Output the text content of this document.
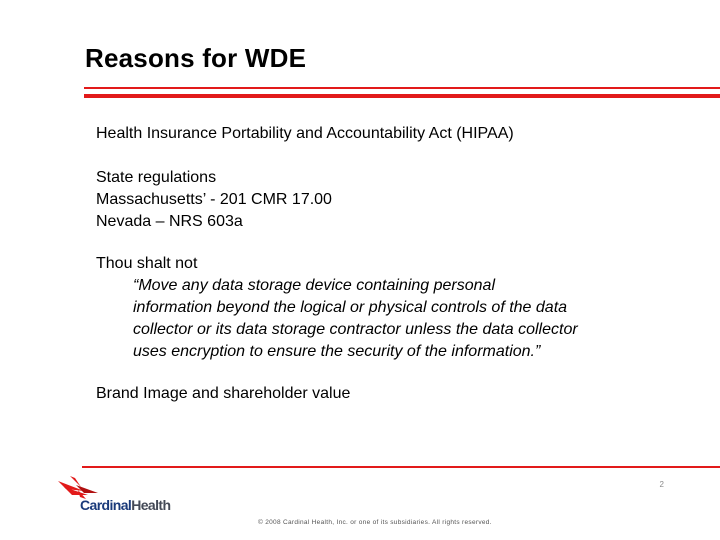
Reasons for WDE
Health Insurance Portability and Accountability Act (HIPAA)
State regulations
Massachusetts’ - 201 CMR 17.00
Nevada – NRS 603a
Thou shalt not
“Move any data storage device containing personal
information beyond the logical or physical controls of the data
collector or its data storage contractor unless the data collector
uses encryption to ensure the security of the information.”
Brand Image and shareholder value
CardinalHealth
2
© 2008 Cardinal Health, Inc. or one of its subsidiaries. All rights reserved.
